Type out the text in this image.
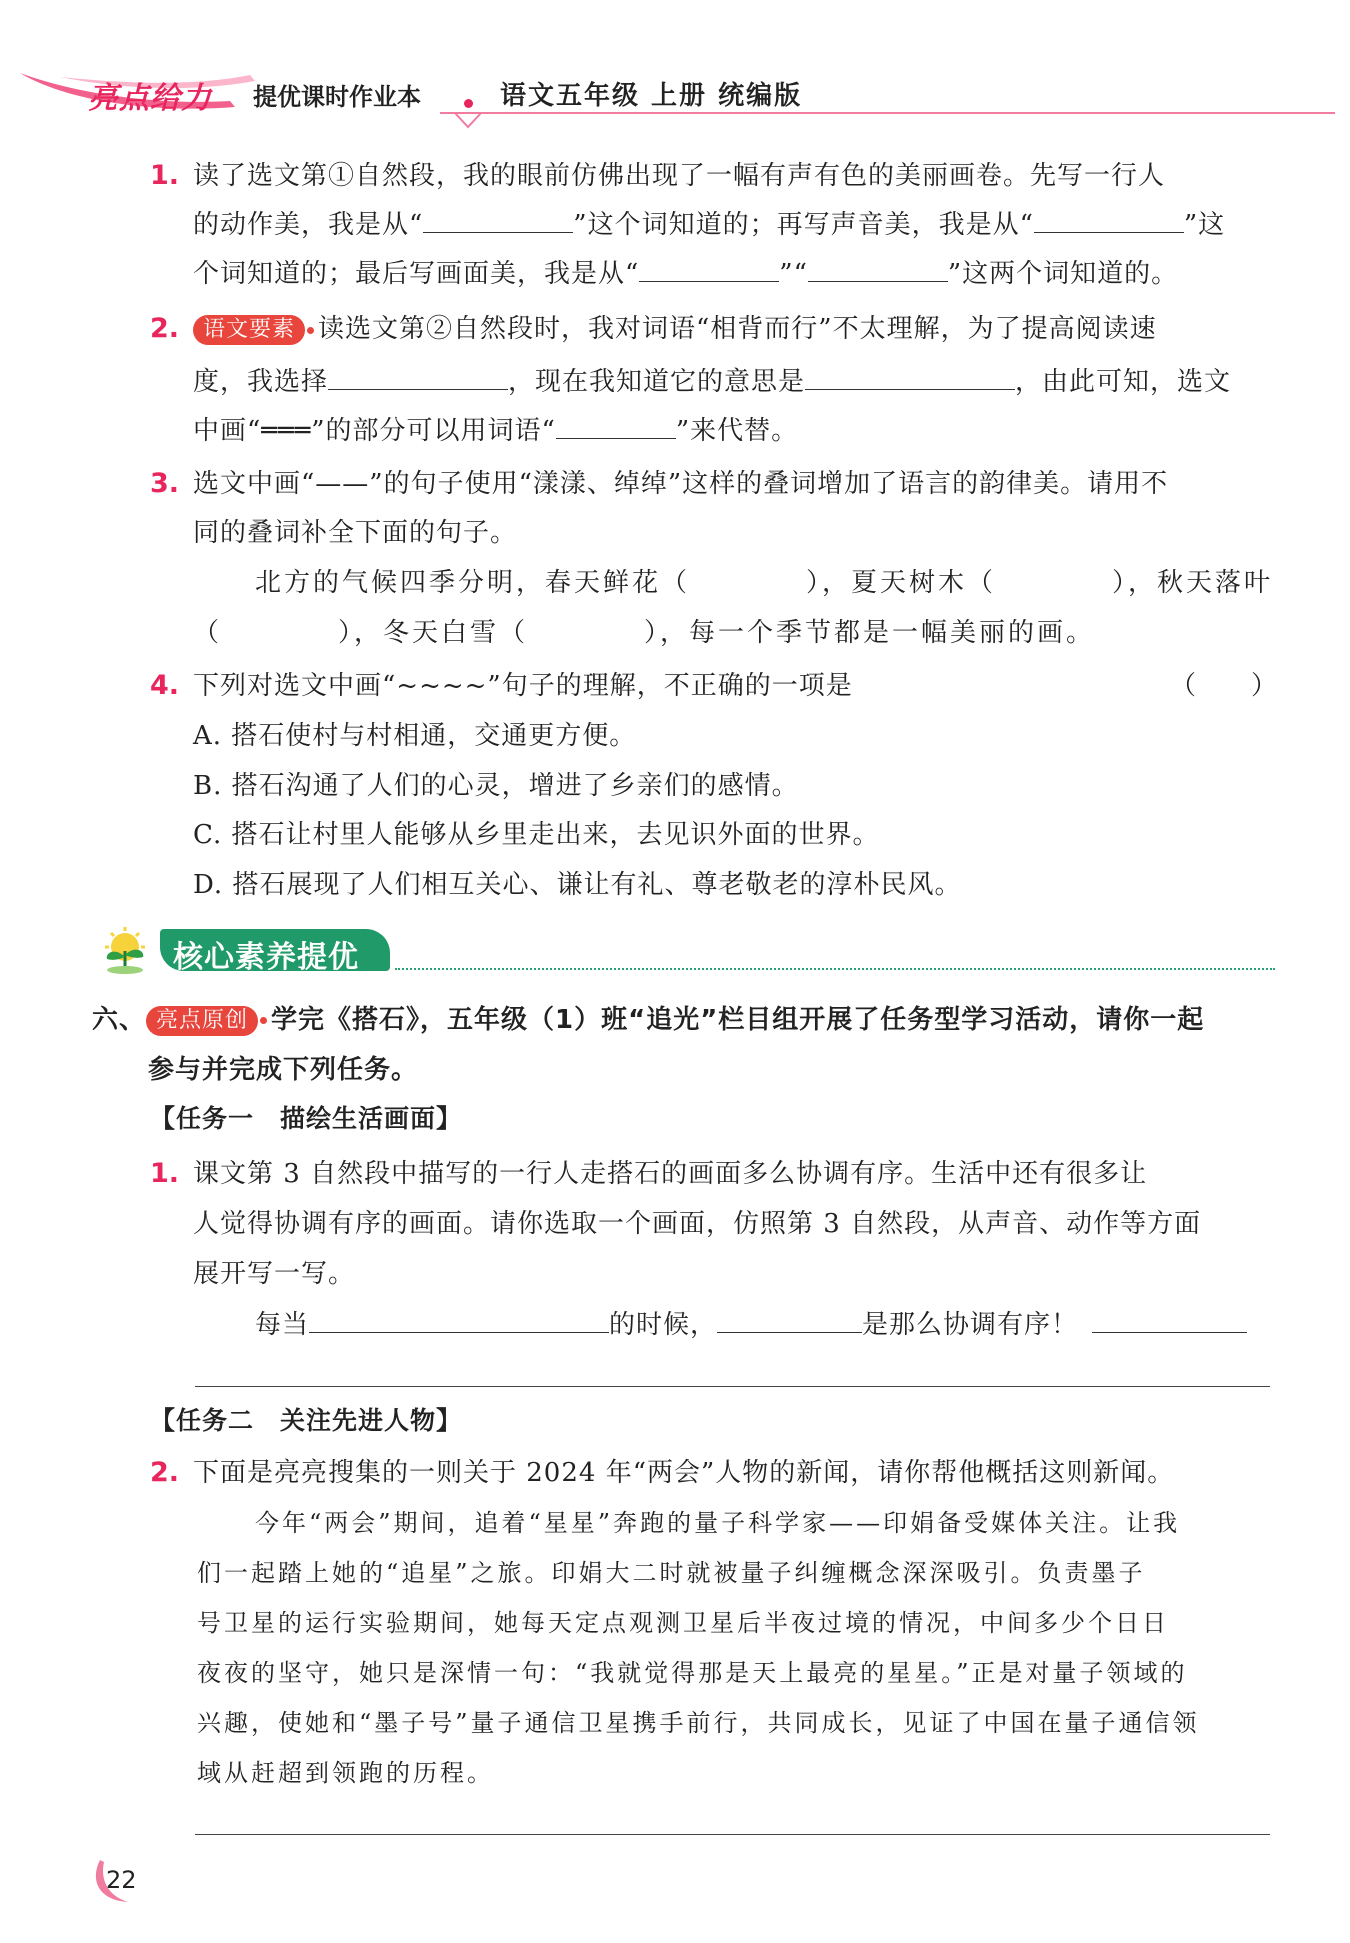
亮点给力 提优课时作业本	语文五年级 上册 统编版
1. 读了选文第①自然段，我的眼前仿佛出现了一幅有声有色的美丽画卷。先写一行人
的动作美，我是从“	”这个词知道的；再写声音美，我是从“	”这
个词知道的；最后写画面美，我是从“	”“	”这两个词知道的。
2.	语文要素 读选文第②自然段时，我对词语“相背而行”不太理解，为了提高阅读速
度，我选择	，现在我知道它的意思是	，由此可知，选文
中画“═══”的部分可以用词语“	”来代替。
3. 选文中画“——”的句子使用“漾漾、绰绰”这样的叠词增加了语言的韵律美。请用不
同的叠词补全下面的句子。
北方的气候四季分明，春天鲜花（　　　　），夏天树木（　　　　），秋天落叶
（　　　　），冬天白雪（　　　　），每一个季节都是一幅美丽的画。
4. 下列对选文中画“~~~~”句子的理解，不正确的一项是	（　　）
A. 搭石使村与村相通，交通更方便。
B. 搭石沟通了人们的心灵，增进了乡亲们的感情。
C. 搭石让村里人能够从乡里走出来，去见识外面的世界。
D. 搭石展现了人们相互关心、谦让有礼、尊老敬老的淳朴民风。
核心素养提优
六、 亮点原创 学完《搭石》，五年级（1）班“追光”栏目组开展了任务型学习活动，请你一起
参与并完成下列任务。
【任务一　描绘生活画面】
1. 课文第 3 自然段中描写的一行人走搭石的画面多么协调有序。生活中还有很多让
人觉得协调有序的画面。请你选取一个画面，仿照第 3 自然段，从声音、动作等方面
展开写一写。
每当	的时候，	是那么协调有序！
【任务二　关注先进人物】
2. 下面是亮亮搜集的一则关于 2024 年“两会”人物的新闻，请你帮他概括这则新闻。
今年“两会”期间，追着“星星”奔跑的量子科学家——印娟备受媒体关注。让我
们一起踏上她的“追星”之旅。印娟大二时就被量子纠缠概念深深吸引。负责墨子
号卫星的运行实验期间，她每天定点观测卫星后半夜过境的情况，中间多少个日日
夜夜的坚守，她只是深情一句：“我就觉得那是天上最亮的星星。”正是对量子领域的
兴趣，使她和“墨子号”量子通信卫星携手前行，共同成长，见证了中国在量子通信领
域从赶超到领跑的历程。
22
